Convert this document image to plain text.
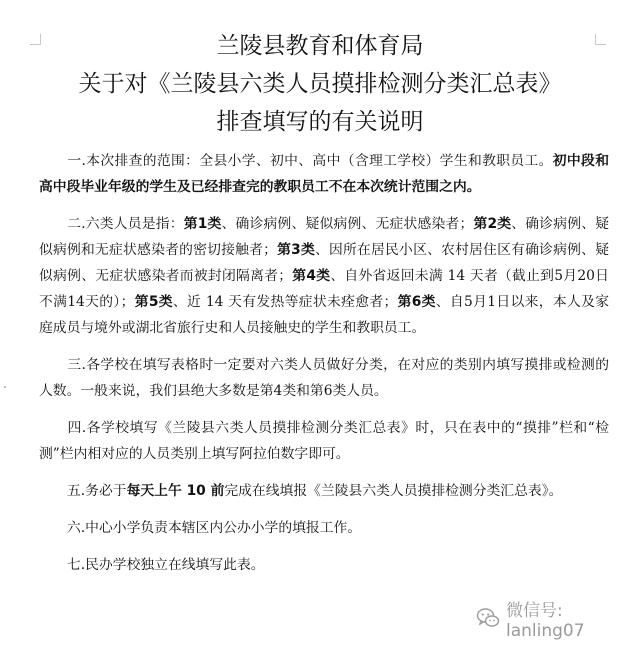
兰陵县教育和体育局
关于对《兰陵县六类人员摸排检测分类汇总表》
排查填写的有关说明

一.本次排查的范围：全县小学、初中、高中（含理工学校）学生和教职员工。初中段和高中段毕业年级的学生及已经排查完的教职员工不在本次统计范围之内。

二.六类人员是指：第1类、确诊病例、疑似病例、无症状感染者；第2类、确诊病例、疑似病例和无症状感染者的密切接触者；第3类、因所在居民小区、农村居住区有确诊病例、疑似病例、无症状感染者而被封闭隔离者；第4类、自外省返回未满 14 天者（截止到5月20日不满14天的）；第5类、近 14 天有发热等症状未痊愈者；第6类、自5月1日以来，本人及家庭成员与境外或湖北省旅行史和人员接触史的学生和教职员工。

三.各学校在填写表格时一定要对六类人员做好分类，在对应的类别内填写摸排或检测的人数。一般来说，我们县绝大多数是第4类和第6类人员。

四.各学校填写《兰陵县六类人员摸排检测分类汇总表》时，只在表中的“摸排”栏和“检测”栏内相对应的人员类别上填写阿拉伯数字即可。

五.务必于每天上午 10 前完成在线填报《兰陵县六类人员摸排检测分类汇总表》。

六.中心小学负责本辖区内公办小学的填报工作。

七.民办学校独立在线填写此表。

微信号: lanling07
